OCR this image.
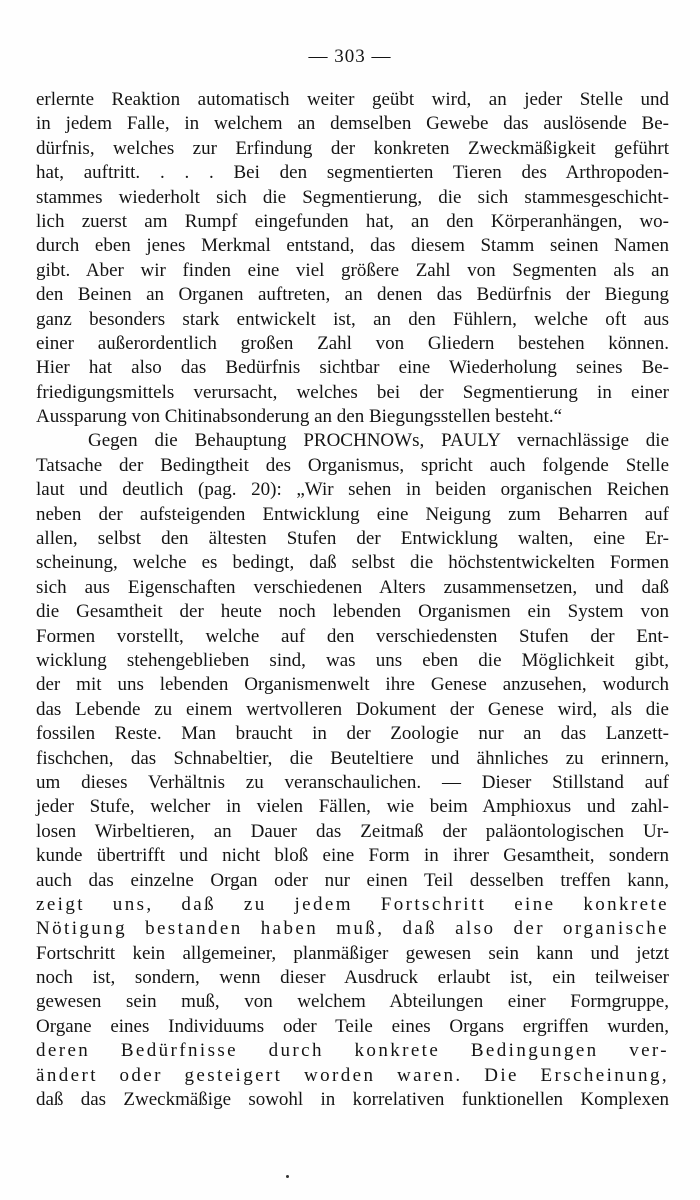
— 303 —
erlernte Reaktion automatisch weiter geübt wird, an jeder Stelle und
in jedem Falle, in welchem an demselben Gewebe das auslösende Be-
dürfnis, welches zur Erfindung der konkreten Zweckmäßigkeit geführt
hat, auftritt. . . . Bei den segmentierten Tieren des Arthropoden-
stammes wiederholt sich die Segmentierung, die sich stammesgeschicht-
lich zuerst am Rumpf eingefunden hat, an den Körperanhängen, wo-
durch eben jenes Merkmal entstand, das diesem Stamm seinen Namen
gibt. Aber wir finden eine viel größere Zahl von Segmenten als an
den Beinen an Organen auftreten, an denen das Bedürfnis der Biegung
ganz besonders stark entwickelt ist, an den Fühlern, welche oft aus
einer außerordentlich großen Zahl von Gliedern bestehen können.
Hier hat also das Bedürfnis sichtbar eine Wiederholung seines Be-
friedigungsmittels verursacht, welches bei der Segmentierung in einer
Aussparung von Chitinabsonderung an den Biegungsstellen besteht.“
Gegen die Behauptung PROCHNOWs, PAULY vernachlässige die
Tatsache der Bedingtheit des Organismus, spricht auch folgende Stelle
laut und deutlich (pag. 20): „Wir sehen in beiden organischen Reichen
neben der aufsteigenden Entwicklung eine Neigung zum Beharren auf
allen, selbst den ältesten Stufen der Entwicklung walten, eine Er-
scheinung, welche es bedingt, daß selbst die höchstentwickelten Formen
sich aus Eigenschaften verschiedenen Alters zusammensetzen, und daß
die Gesamtheit der heute noch lebenden Organismen ein System von
Formen vorstellt, welche auf den verschiedensten Stufen der Ent-
wicklung stehengeblieben sind, was uns eben die Möglichkeit gibt,
der mit uns lebenden Organismenwelt ihre Genese anzusehen, wodurch
das Lebende zu einem wertvolleren Dokument der Genese wird, als die
fossilen Reste. Man braucht in der Zoologie nur an das Lanzett-
fischchen, das Schnabeltier, die Beuteltiere und ähnliches zu erinnern,
um dieses Verhältnis zu veranschaulichen. — Dieser Stillstand auf
jeder Stufe, welcher in vielen Fällen, wie beim Amphioxus und zahl-
losen Wirbeltieren, an Dauer das Zeitmaß der paläontologischen Ur-
kunde übertrifft und nicht bloß eine Form in ihrer Gesamtheit, sondern
auch das einzelne Organ oder nur einen Teil desselben treffen kann,
zeigt uns, daß zu jedem Fortschritt eine konkrete
Nötigung bestanden haben muß, daß also der organische
Fortschritt kein allgemeiner, planmäßiger gewesen sein kann und jetzt
noch ist, sondern, wenn dieser Ausdruck erlaubt ist, ein teilweiser
gewesen sein muß, von welchem Abteilungen einer Formgruppe,
Organe eines Individuums oder Teile eines Organs ergriffen wurden,
deren Bedürfnisse durch konkrete Bedingungen ver-
ändert oder gesteigert worden waren. Die Erscheinung,
daß das Zweckmäßige sowohl in korrelativen funktionellen Komplexen
